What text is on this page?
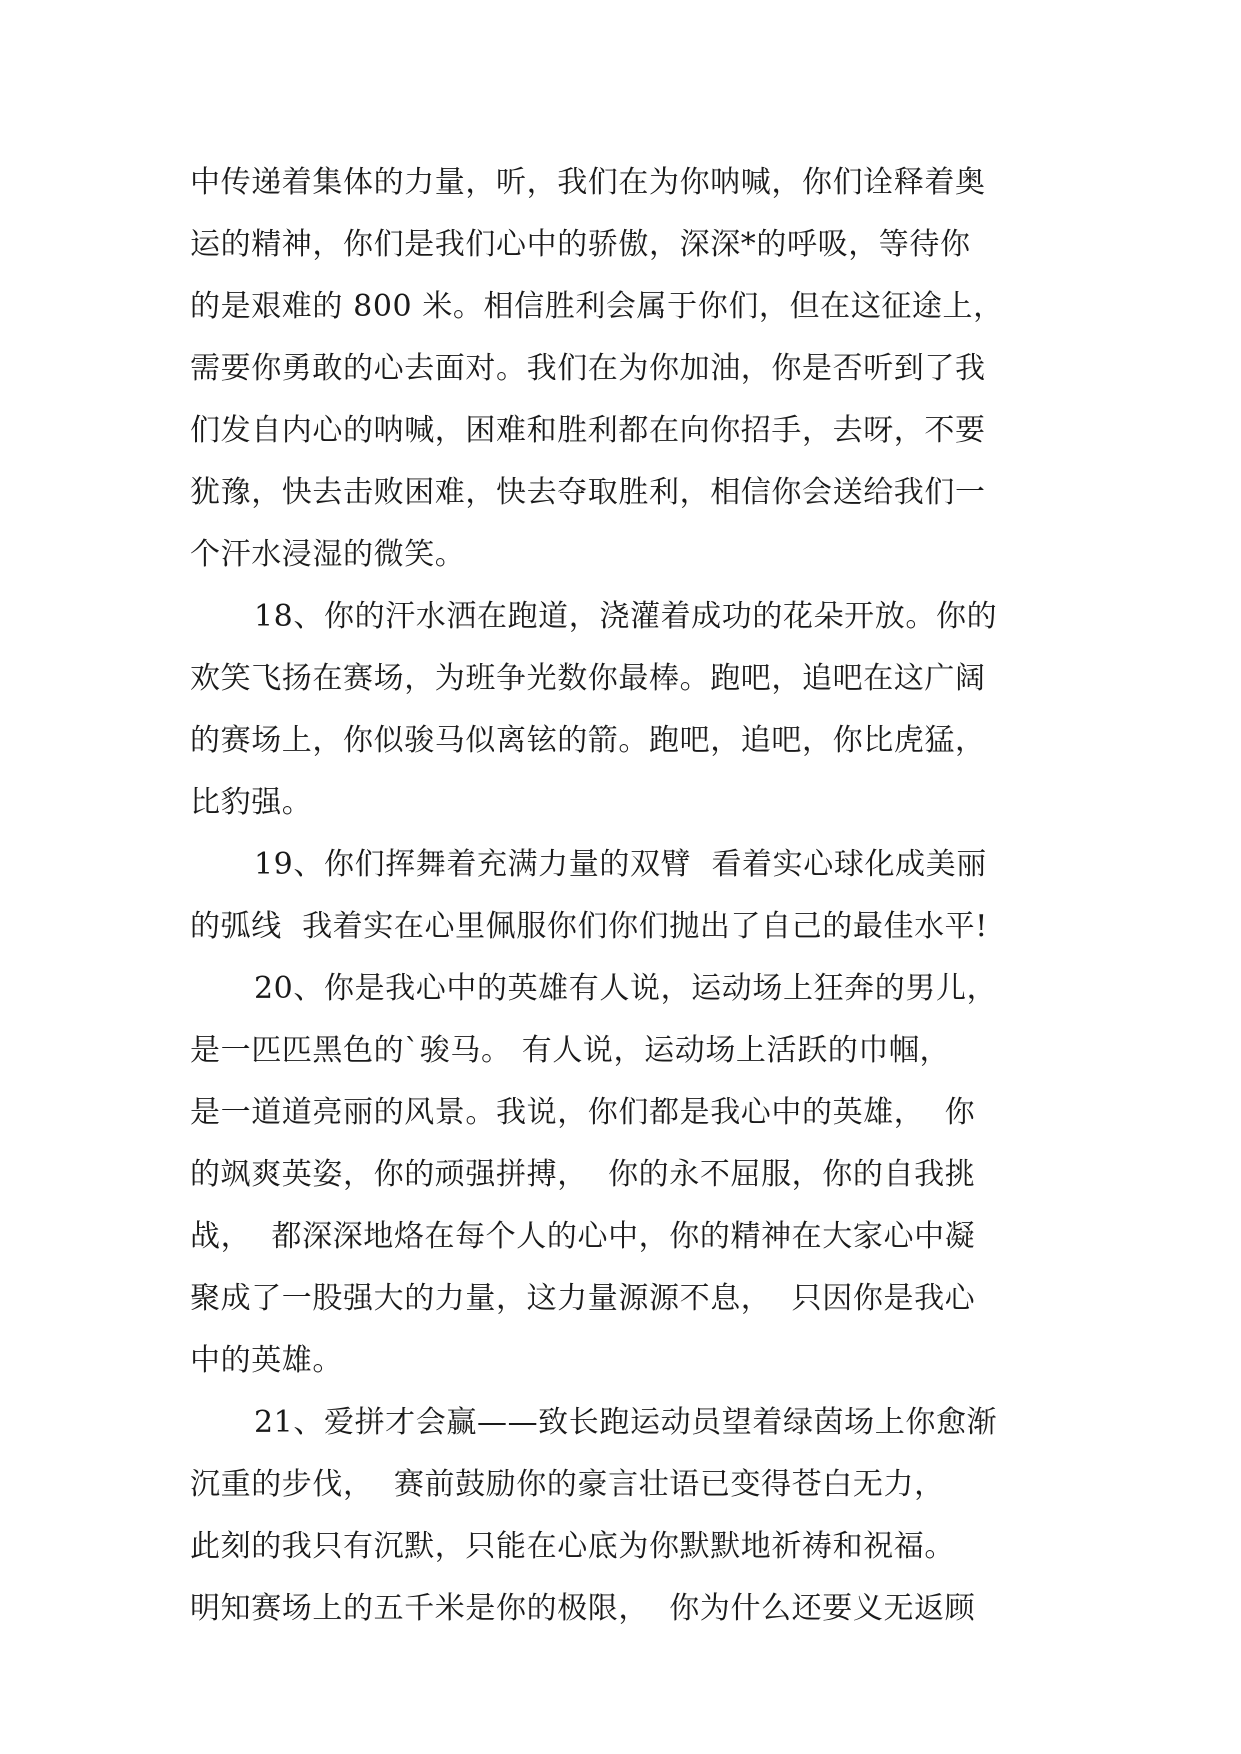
中传递着集体的力量，听，我们在为你呐喊，你们诠释着奥
运的精神，你们是我们心中的骄傲，深深*的呼吸，等待你
的是艰难的 800 米。相信胜利会属于你们，但在这征途上，
需要你勇敢的心去面对。我们在为你加油，你是否听到了我
们发自内心的呐喊，困难和胜利都在向你招手，去呀，不要
犹豫，快去击败困难，快去夺取胜利，相信你会送给我们一
个汗水浸湿的微笑。
18、你的汗水洒在跑道，浇灌着成功的花朵开放。你的
欢笑飞扬在赛场，为班争光数你最棒。跑吧，追吧在这广阔
的赛场上，你似骏马似离铉的箭。跑吧，追吧，你比虎猛，
比豹强。
19、你们挥舞着充满力量的双臂  看着实心球化成美丽
的弧线  我着实在心里佩服你们你们抛出了自己的最佳水平!
20、你是我心中的英雄有人说，运动场上狂奔的男儿，
是一匹匹黑色的`骏马。 有人说，运动场上活跃的巾帼，
是一道道亮丽的风景。我说，你们都是我心中的英雄，  你
的飒爽英姿，你的顽强拼搏，  你的永不屈服，你的自我挑
战，  都深深地烙在每个人的心中，你的精神在大家心中凝
聚成了一股强大的力量，这力量源源不息，  只因你是我心
中的英雄。
21、爱拼才会赢——致长跑运动员望着绿茵场上你愈渐
沉重的步伐，  赛前鼓励你的豪言壮语已变得苍白无力，
此刻的我只有沉默，只能在心底为你默默地祈祷和祝福。
明知赛场上的五千米是你的极限，  你为什么还要义无返顾
